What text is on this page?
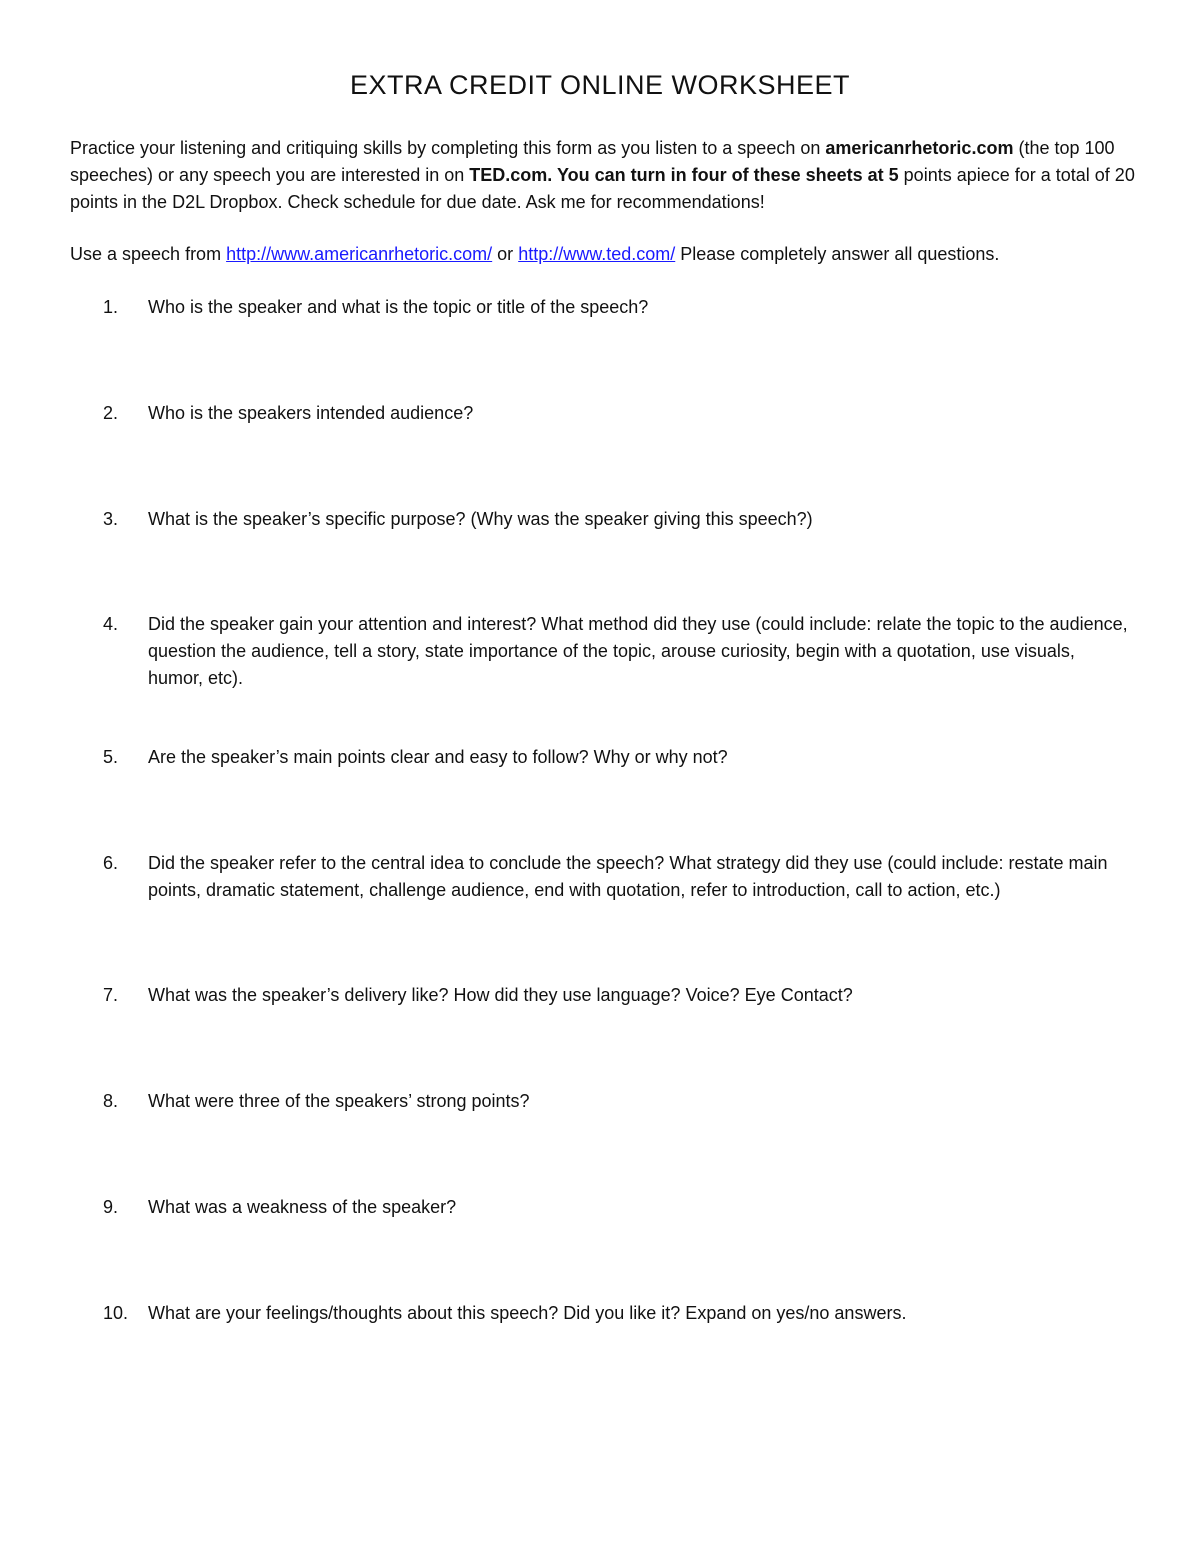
EXTRA CREDIT ONLINE WORKSHEET

Practice your listening and critiquing skills by completing this form as you listen to a speech on americanrhetoric.com (the top 100 speeches) or any speech you are interested in on TED.com. You can turn in four of these sheets at 5 points apiece for a total of 20 points in the D2L Dropbox. Check schedule for due date. Ask me for recommendations!

Use a speech from http://www.americanrhetoric.com/ or http://www.ted.com/ Please completely answer all questions.

1.	Who is the speaker and what is the topic or title of the speech?
2.	Who is the speakers intended audience?
3.	What is the speaker’s specific purpose? (Why was the speaker giving this speech?)
4.	Did the speaker gain your attention and interest? What method did they use (could include: relate the topic to the audience, question the audience, tell a story, state importance of the topic, arouse curiosity, begin with a quotation, use visuals, humor, etc).
5.	Are the speaker’s main points clear and easy to follow? Why or why not?
6.	Did the speaker refer to the central idea to conclude the speech? What strategy did they use (could include: restate main points, dramatic statement, challenge audience, end with quotation, refer to introduction, call to action, etc.)
7.	What was the speaker’s delivery like? How did they use language? Voice? Eye Contact?
8.	What were three of the speakers’ strong points?
9.	What was a weakness of the speaker?
10.	What are your feelings/thoughts about this speech? Did you like it? Expand on yes/no answers.
